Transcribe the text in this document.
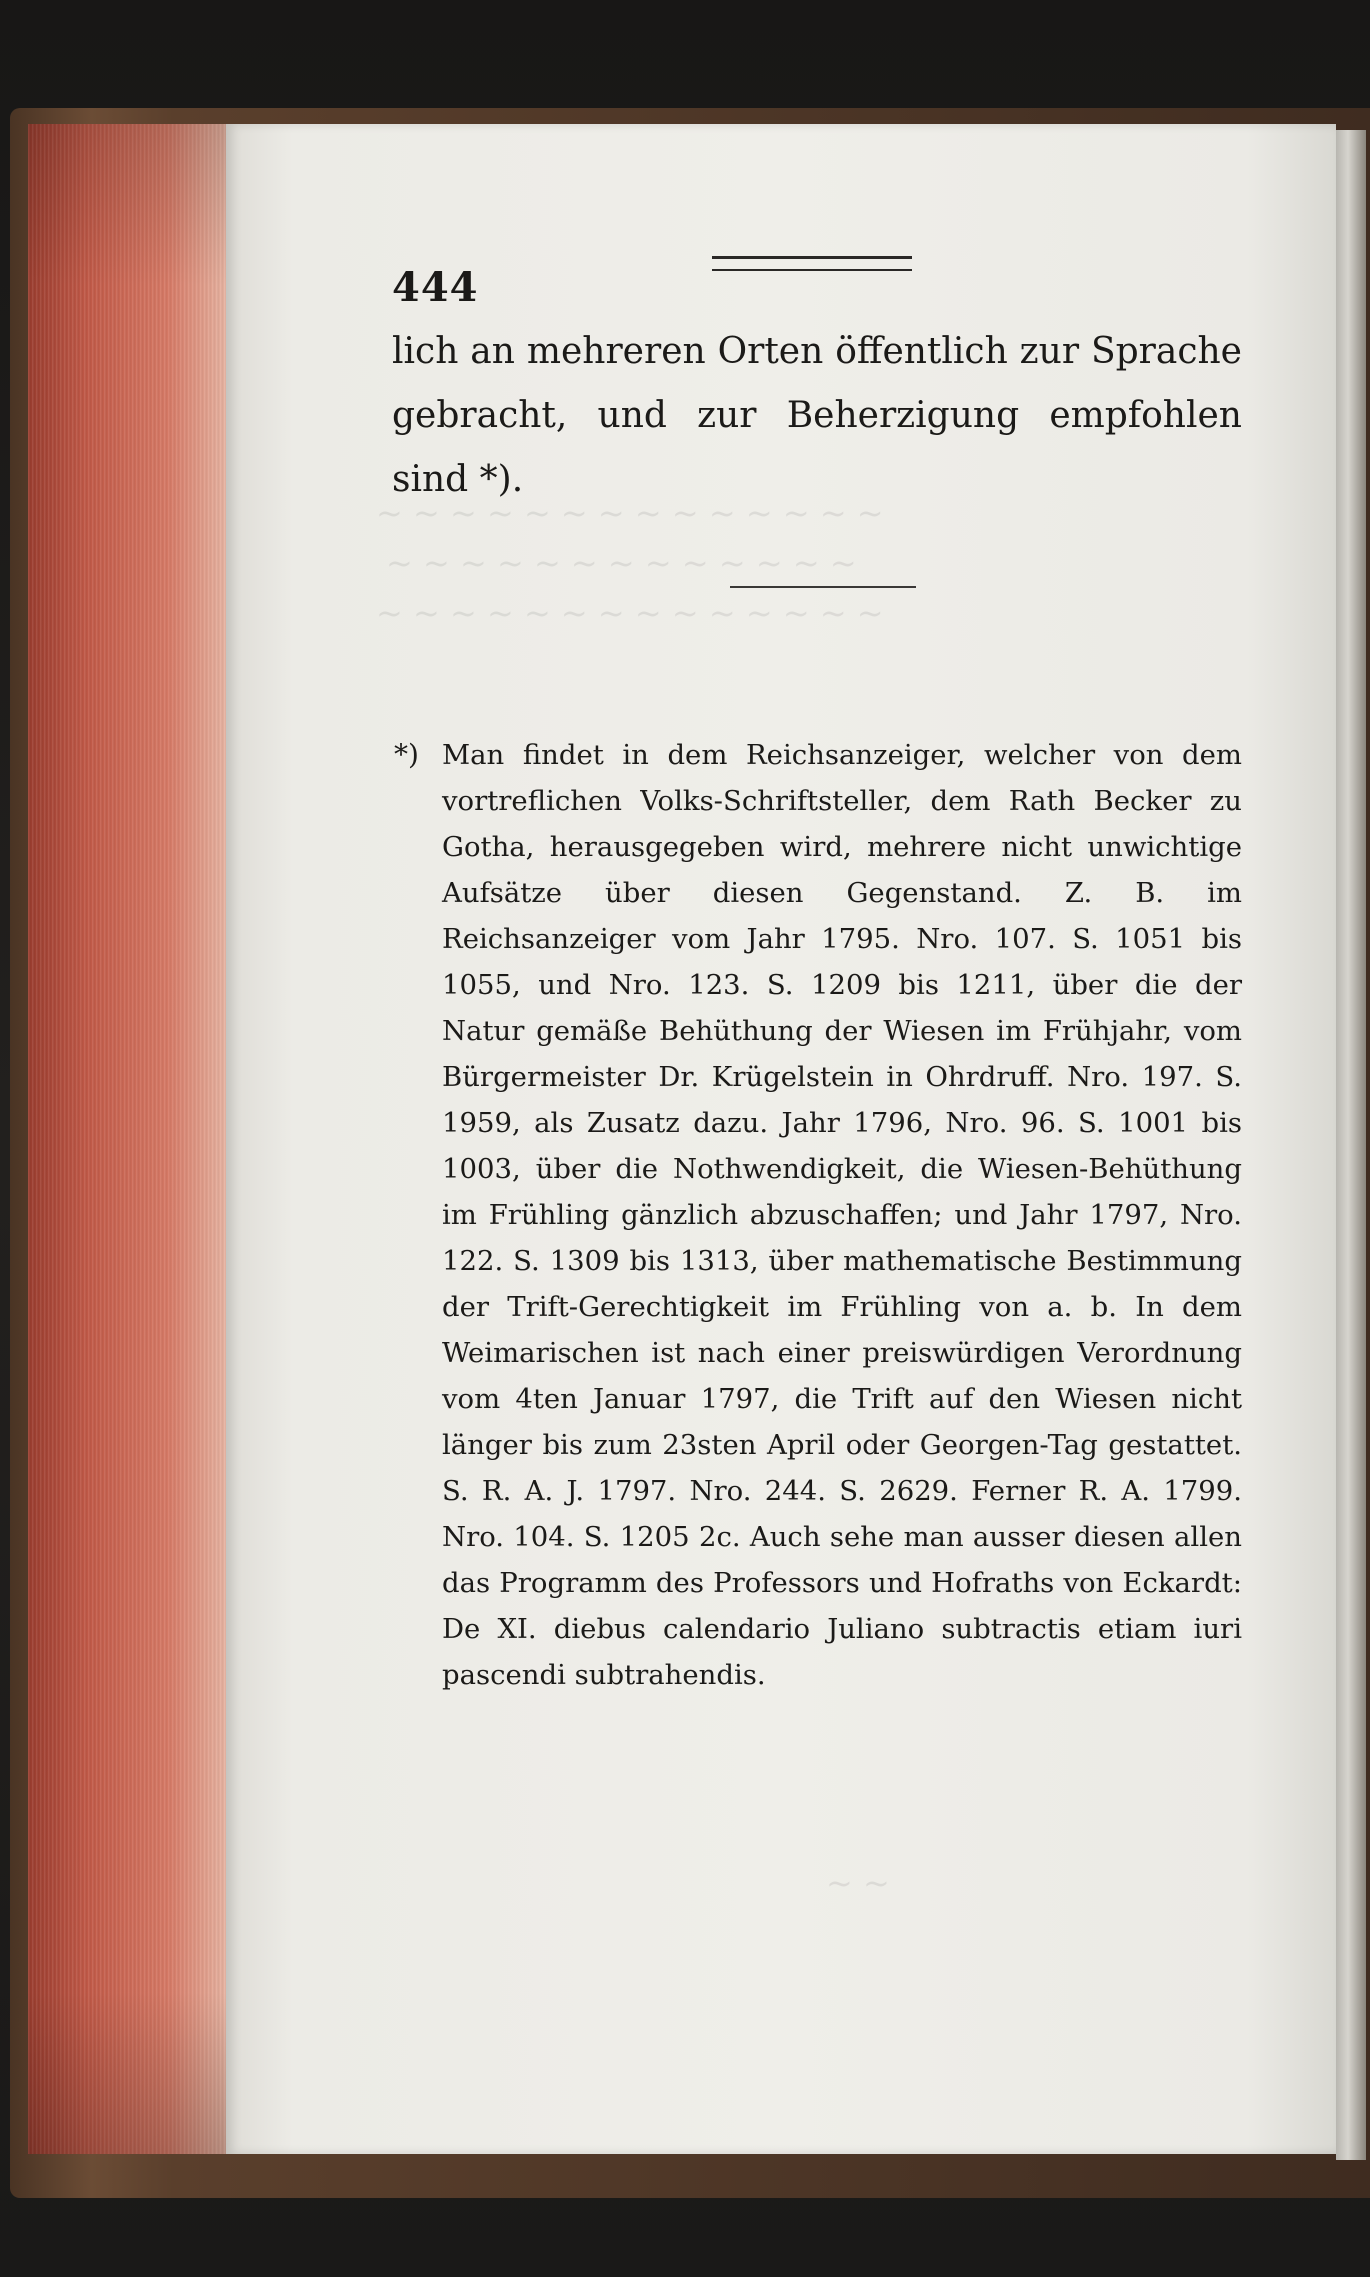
~ ~ ~ ~ ~ ~ ~ ~ ~ ~ ~ ~ ~ ~
~ ~ ~ ~ ~ ~ ~ ~ ~ ~ ~ ~ ~
~ ~ ~ ~ ~ ~ ~ ~ ~ ~ ~ ~ ~ ~
~ ~
444

lich an mehreren Orten öffentlich zur Sprache gebracht, und zur Beherzigung empfohlen sind *).

*) Man findet in dem Reichsanzeiger, welcher von dem vortreflichen Volks-Schriftsteller, dem Rath Becker zu Gotha, herausgegeben wird, mehrere nicht unwichtige Aufsätze über diesen Gegenstand. Z. B. im Reichsanzeiger vom Jahr 1795. Nro. 107. S. 1051 bis 1055, und Nro. 123. S. 1209 bis 1211, über die der Natur gemäße Behüthung der Wiesen im Frühjahr, vom Bürgermeister Dr. Krügelstein in Ohrdruff. Nro. 197. S. 1959, als Zusatz dazu. Jahr 1796, Nro. 96. S. 1001 bis 1003, über die Nothwendigkeit, die Wiesen-Behüthung im Frühling gänzlich abzuschaffen; und Jahr 1797, Nro. 122. S. 1309 bis 1313, über mathematische Bestimmung der Trift-Gerechtigkeit im Frühling von a. b. In dem Weimarischen ist nach einer preiswürdigen Verordnung vom 4ten Januar 1797, die Trift auf den Wiesen nicht länger bis zum 23sten April oder Georgen-Tag gestattet. S. R. A. J. 1797. Nro. 244. S. 2629. Ferner R. A. 1799. Nro. 104. S. 1205 2c. Auch sehe man ausser diesen allen das Programm des Professors und Hofraths von Eckardt: De XI. diebus calendario Juliano subtractis etiam iuri pascendi subtrahendis.
